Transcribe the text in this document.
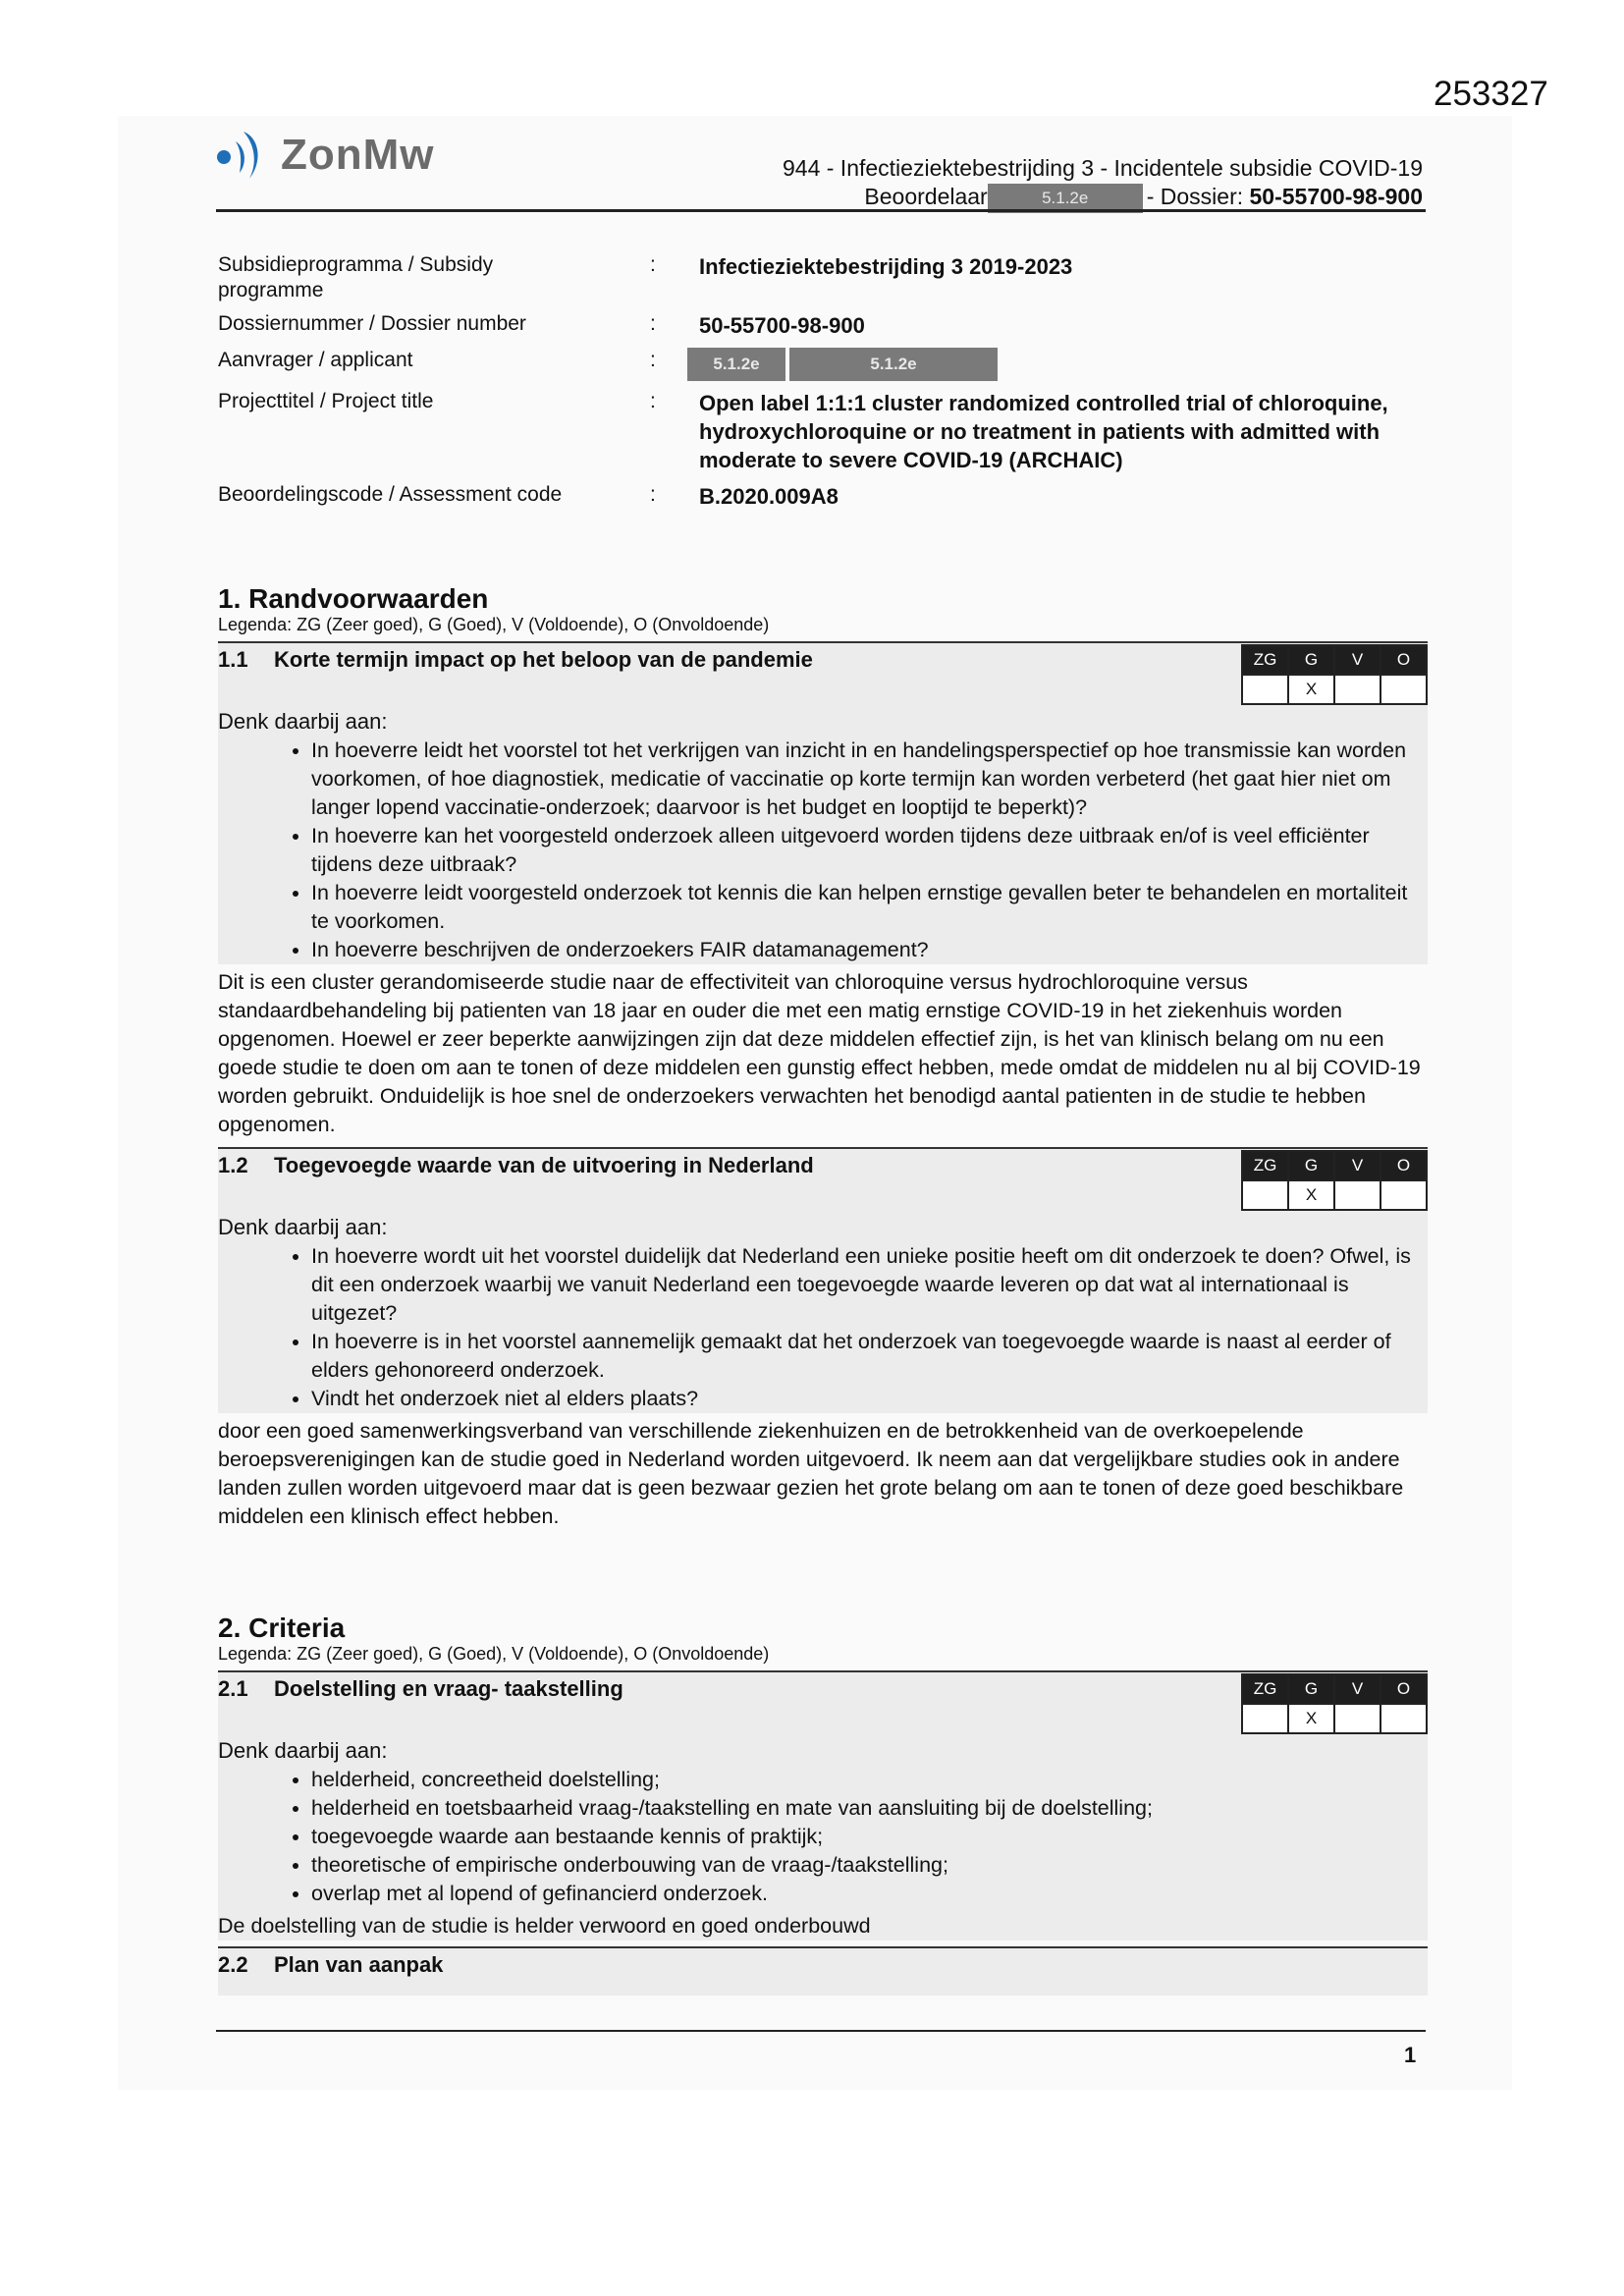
253327
ZonMw	944 - Infectieziektebestrijding 3 - Incidentele subsidie COVID-19
Beoordelaar	5.1.2e	- Dossier: 50-55700-98-900
Subsidieprogramma / Subsidy programme
:	Infectieziektebestrijding 3 2019-2023
Dossiernummer / Dossier number	:	50-55700-98-900
Aanvrager / applicant	:	5.1.2e	5.1.2e
Projecttitel / Project title	:	Open label 1:1:1 cluster randomized controlled trial of chloroquine, hydroxychloroquine or no treatment in patients with admitted with moderate to severe COVID-19 (ARCHAIC)
Beoordelingscode / Assessment code	:	B.2020.009A8
1. Randvoorwaarden
Legenda: ZG (Zeer goed), G (Goed), V (Voldoende), O (Onvoldoende)
1.1 Korte termijn impact op het beloop van de pandemie	ZG	G	V	O
	X		
Denk daarbij aan:
• In hoeverre leidt het voorstel tot het verkrijgen van inzicht in en handelingsperspectief op hoe transmissie kan worden voorkomen, of hoe diagnostiek, medicatie of vaccinatie op korte termijn kan worden verbeterd (het gaat hier niet om langer lopend vaccinatie-onderzoek; daarvoor is het budget en looptijd te beperkt)?
• In hoeverre kan het voorgesteld onderzoek alleen uitgevoerd worden tijdens deze uitbraak en/of is veel efficiënter tijdens deze uitbraak?
• In hoeverre leidt voorgesteld onderzoek tot kennis die kan helpen ernstige gevallen beter te behandelen en mortaliteit te voorkomen.
• In hoeverre beschrijven de onderzoekers FAIR datamanagement?
Dit is een cluster gerandomiseerde studie naar de effectiviteit van chloroquine versus hydrochloroquine versus standaardbehandeling bij patienten van 18 jaar en ouder die met een matig ernstige COVID-19 in het ziekenhuis worden opgenomen. Hoewel er zeer beperkte aanwijzingen zijn dat deze middelen effectief zijn, is het van klinisch belang om nu een goede studie te doen om aan te tonen of deze middelen een gunstig effect hebben, mede omdat de middelen nu al bij COVID-19 worden gebruikt. Onduidelijk is hoe snel de onderzoekers verwachten het benodigd aantal patienten in de studie te hebben opgenomen.
1.2 Toegevoegde waarde van de uitvoering in Nederland	ZG	G	V	O
	X		
Denk daarbij aan:
• In hoeverre wordt uit het voorstel duidelijk dat Nederland een unieke positie heeft om dit onderzoek te doen? Ofwel, is dit een onderzoek waarbij we vanuit Nederland een toegevoegde waarde leveren op dat wat al internationaal is uitgezet?
• In hoeverre is in het voorstel aannemelijk gemaakt dat het onderzoek van toegevoegde waarde is naast al eerder of elders gehonoreerd onderzoek.
• Vindt het onderzoek niet al elders plaats?
door een goed samenwerkingsverband van verschillende ziekenhuizen en de betrokkenheid van de overkoepelende beroepsverenigingen kan de studie goed in Nederland worden uitgevoerd. Ik neem aan dat vergelijkbare studies ook in andere landen zullen worden uitgevoerd maar dat is geen bezwaar gezien het grote belang om aan te tonen of deze goed beschikbare middelen een klinisch effect hebben.
2. Criteria
Legenda: ZG (Zeer goed), G (Goed), V (Voldoende), O (Onvoldoende)
2.1 Doelstelling en vraag- taakstelling	ZG	G	V	O
	X		
Denk daarbij aan:
• helderheid, concreetheid doelstelling;
• helderheid en toetsbaarheid vraag-/taakstelling en mate van aansluiting bij de doelstelling;
• toegevoegde waarde aan bestaande kennis of praktijk;
• theoretische of empirische onderbouwing van de vraag-/taakstelling;
• overlap met al lopend of gefinancierd onderzoek.
De doelstelling van de studie is helder verwoord en goed onderbouwd
2.2 Plan van aanpak
1
